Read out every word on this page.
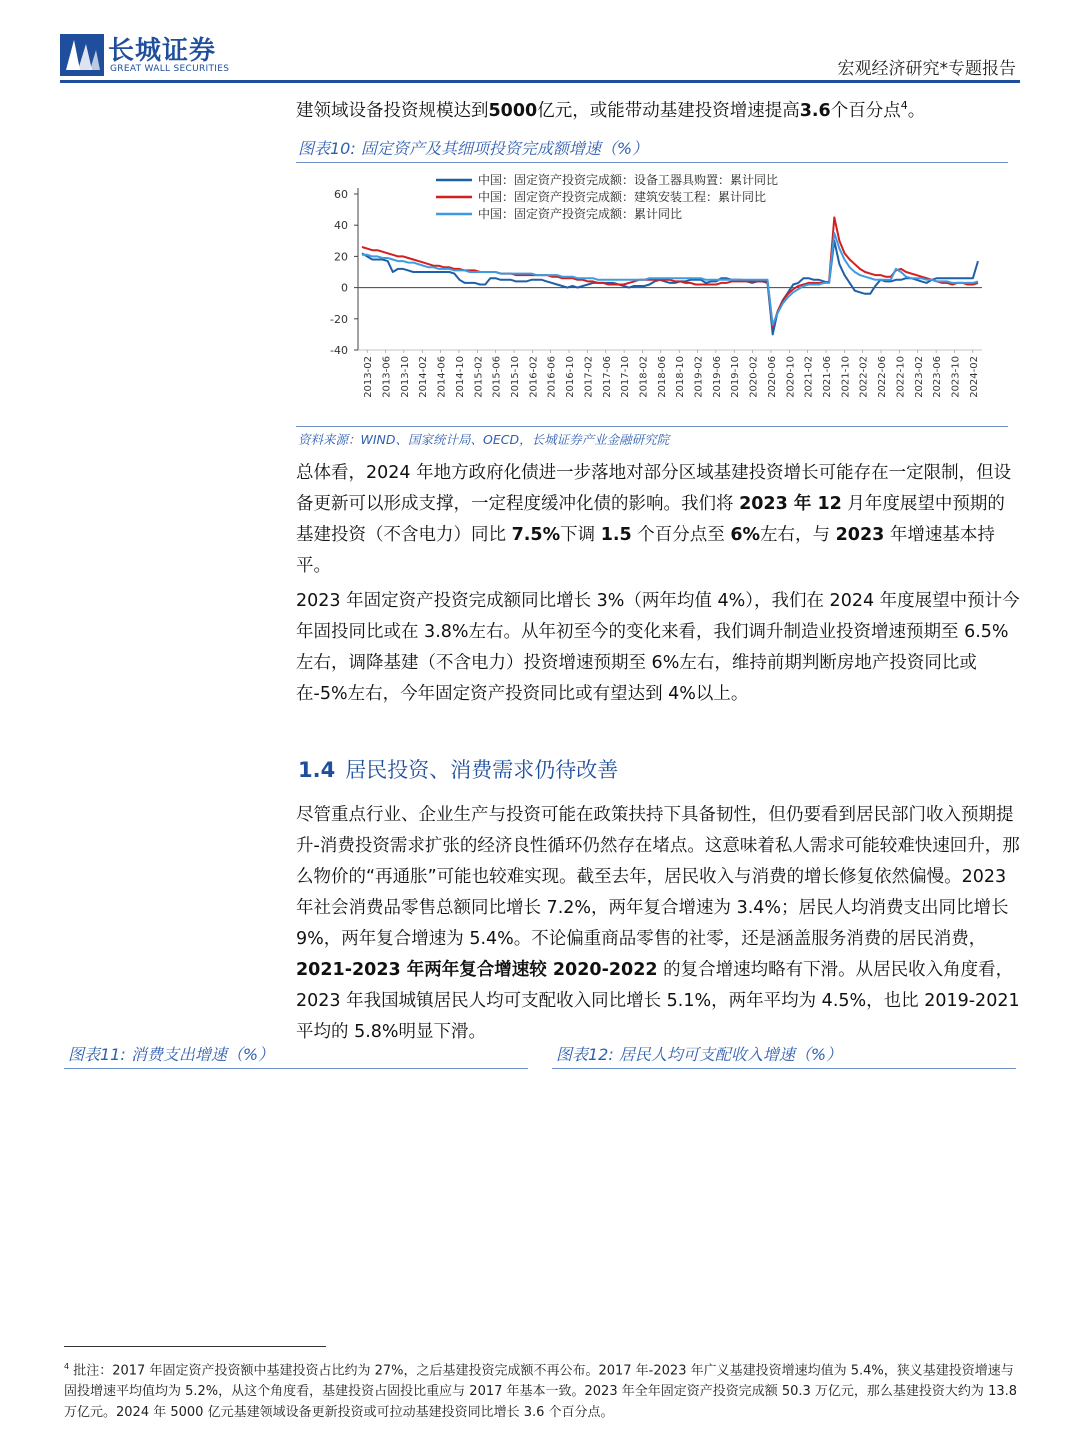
长城证券
GREAT WALL SECURITIES	宏观经济研究*专题报告
建领域设备投资规模达到5000亿元，或能带动基建投资增速提高3.6个百分点$^4$。
图表10: 固定资产及其细项投资完成额增速（%）
60
40
20
0
-20
-40
2013-02 2013-06 2013-10 2014-02 2014-06 2014-10 2015-02 2015-06 2015-10 2016-02 2016-06 2016-10 2017-02 2017-06 2017-10 2018-02 2018-06 2018-10 2019-02 2019-06 2019-10 2020-02 2020-06 2020-10 2021-02 2021-06 2021-10 2022-02 2022-06 2022-10 2023-02 2023-06 2023-10 2024-02
中国：固定资产投资完成额：设备工器具购置：累计同比
中国：固定资产投资完成额：建筑安装工程：累计同比
中国：固定资产投资完成额：累计同比
资料来源：WIND、国家统计局、OECD，长城证券产业金融研究院
总体看，2024 年地方政府化债进一步落地对部分区域基建投资增长可能存在一定限制，但设备更新可以形成支撑，一定程度缓冲化债的影响。我们将 2023 年 12 月年度展望中预期的基建投资（不含电力）同比 7.5%下调 1.5 个百分点至 6%左右，与 2023 年增速基本持平。
2023 年固定资产投资完成额同比增长 3%（两年均值 4%），我们在 2024 年度展望中预计今年固投同比或在 3.8%左右。从年初至今的变化来看，我们调升制造业投资增速预期至 6.5%左右，调降基建（不含电力）投资增速预期至 6%左右，维持前期判断房地产投资同比或在-5%左右，今年固定资产投资同比或有望达到 4%以上。
1.4 居民投资、消费需求仍待改善
尽管重点行业、企业生产与投资可能在政策扶持下具备韧性，但仍要看到居民部门收入预期提升-消费投资需求扩张的经济良性循环仍然存在堵点。这意味着私人需求可能较难快速回升，那么物价的“再通胀”可能也较难实现。截至去年，居民收入与消费的增长修复依然偏慢。2023 年社会消费品零售总额同比增长 7.2%，两年复合增速为 3.4%；居民人均消费支出同比增长 9%，两年复合增速为 5.4%。不论偏重商品零售的社零，还是涵盖服务消费的居民消费，2021-2023 年两年复合增速较 2020-2022 的复合增速均略有下滑。从居民收入角度看，2023 年我国城镇居民人均可支配收入同比增长 5.1%，两年平均为 4.5%，也比 2019-2021 平均的 5.8%明显下滑。
图表11: 消费支出增速（%）	图表12: 居民人均可支配收入增速（%）
$^4$ 批注：2017 年固定资产投资额中基建投资占比约为 27%，之后基建投资完成额不再公布。2017 年-2023 年广义基建投资增速均值为 5.4%，狭义基建投资增速与固投增速平均值均为 5.2%，从这个角度看，基建投资占固投比重应与 2017 年基本一致。2023 年全年固定资产投资完成额 50.3 万亿元，那么基建投资大约为 13.8 万亿元。2024 年 5000 亿元基建领域设备更新投资或可拉动基建投资同比增长 3.6 个百分点。
